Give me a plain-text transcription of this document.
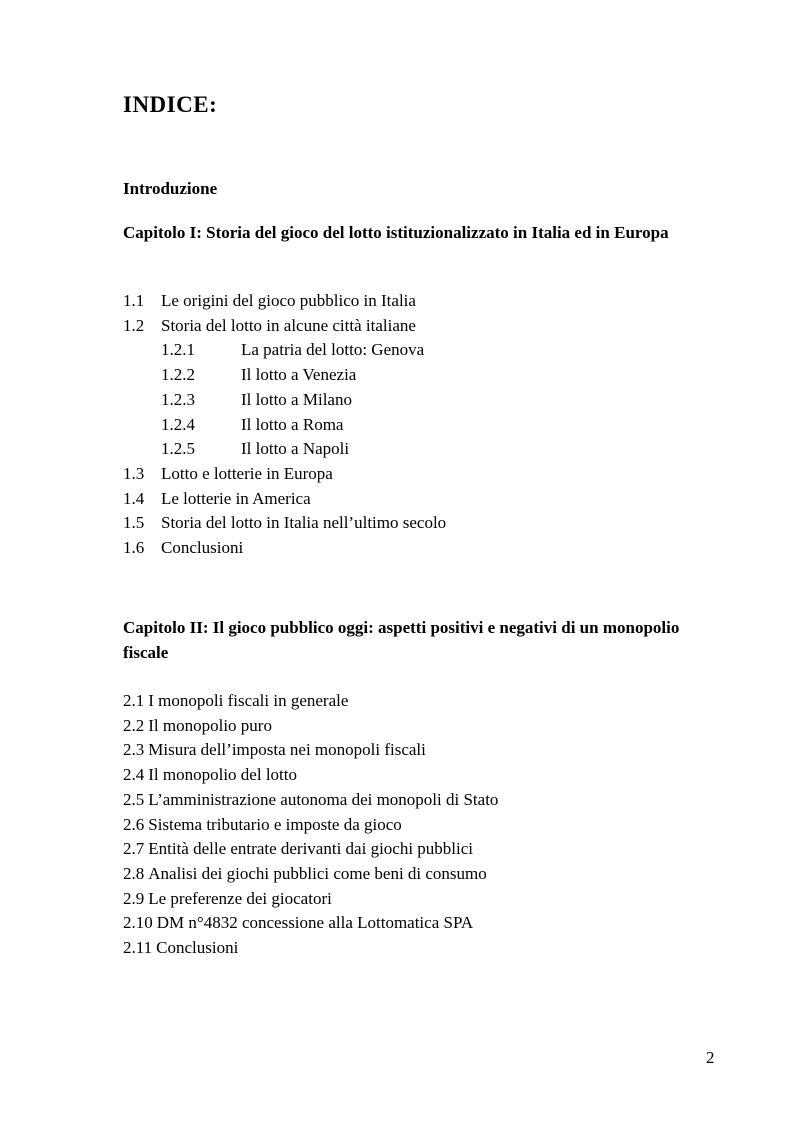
INDICE:
Introduzione
Capitolo I: Storia del gioco del lotto istituzionalizzato in Italia ed in Europa
1.1 Le origini del gioco pubblico in Italia
1.2 Storia del lotto in alcune città italiane
1.2.1	La patria del lotto: Genova
1.2.2	Il lotto a Venezia
1.2.3	Il lotto a Milano
1.2.4	Il lotto a Roma
1.2.5	Il lotto a Napoli
1.3 Lotto e lotterie in Europa
1.4 Le lotterie in America
1.5 Storia del lotto in Italia nell’ultimo secolo
1.6 Conclusioni
Capitolo II: Il gioco pubblico oggi: aspetti positivi e negativi di un monopolio fiscale
2.1 I monopoli fiscali in generale
2.2 Il monopolio puro
2.3 Misura dell’imposta nei monopoli fiscali
2.4 Il monopolio del lotto
2.5 L’amministrazione autonoma dei monopoli di Stato
2.6 Sistema tributario e imposte da gioco
2.7 Entità delle entrate derivanti dai giochi pubblici
2.8 Analisi dei giochi pubblici come beni di consumo
2.9 Le preferenze dei giocatori
2.10 DM n°4832 concessione alla Lottomatica SPA
2.11 Conclusioni
2
